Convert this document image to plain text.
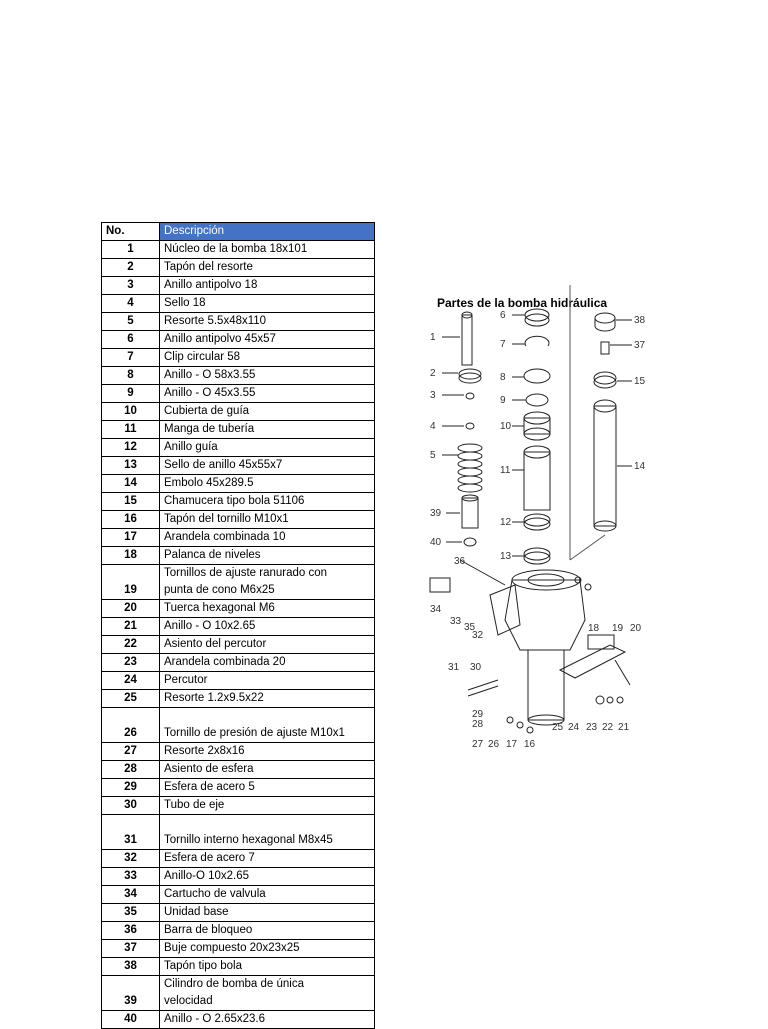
No.	Descripción
1	Núcleo de la bomba 18x101
2	Tapón del resorte
3	Anillo antipolvo 18
4	Sello 18
5	Resorte 5.5x48x110
6	Anillo antipolvo 45x57
7	Clip circular 58
8	Anillo - O 58x3.55
9	Anillo - O 45x3.55
10	Cubierta de guía
11	Manga de tubería
12	Anillo guía
13	Sello de anillo 45x55x7
14	Embolo 45x289.5
15	Chamucera tipo bola 51106
16	Tapón del tornillo M10x1
17	Arandela combinada 10
18	Palanca de niveles
19	Tornillos de ajuste ranurado con
punta de cono M6x25
20	Tuerca hexagonal M6
21	Anillo - O 10x2.65
22	Asiento del percutor
23	Arandela combinada 20
24	Percutor
25	Resorte 1.2x9.5x22
26	Tornillo de presión de ajuste M10x1
27	Resorte 2x8x16
28	Asiento de esfera
29	Esfera de acero 5
30	Tubo de eje
31	Tornillo interno hexagonal M8x45
32	Esfera de acero 7
33	Anillo-O 10x2.65
34	Cartucho de valvula
35	Unidad base
36	Barra de bloqueo
37	Buje compuesto 20x23x25
38	Tapón tipo bola
39	Cilindro de bomba de única
velocidad
40	Anillo - O 2.65x23.6
Partes de la bomba hidráulica
1
2
3
4
5
39
40
36
34
33
32
35
31 30
29
28
27 26 17 16
6
7
8
9
10
11
12
13
38
37
15
14
18 19 20
25 24 23 22 21
